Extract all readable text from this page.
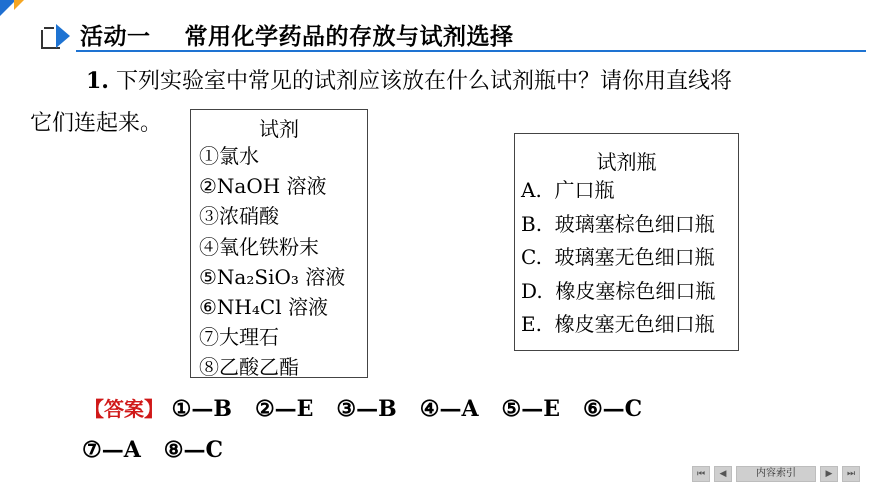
活动一    常用化学药品的存放与试剂选择
1. 下列实验室中常见的试剂应该放在什么试剂瓶中？请你用直线将
它们连起来。	试剂
①氯水
②NaOH 溶液
③浓硝酸
④氧化铁粉末
⑤Na₂SiO₃ 溶液
⑥NH₄Cl 溶液
⑦大理石
⑧乙酸乙酯
试剂瓶
A.  广口瓶
B.  玻璃塞棕色细口瓶
C.  玻璃塞无色细口瓶
D.  橡皮塞棕色细口瓶
E.  橡皮塞无色细口瓶
【答案】 ①—B   ②—E   ③—B   ④—A   ⑤—E   ⑥—C
⑦—A   ⑧—C
⏮ ◀	内容索引	▶ ⏭
